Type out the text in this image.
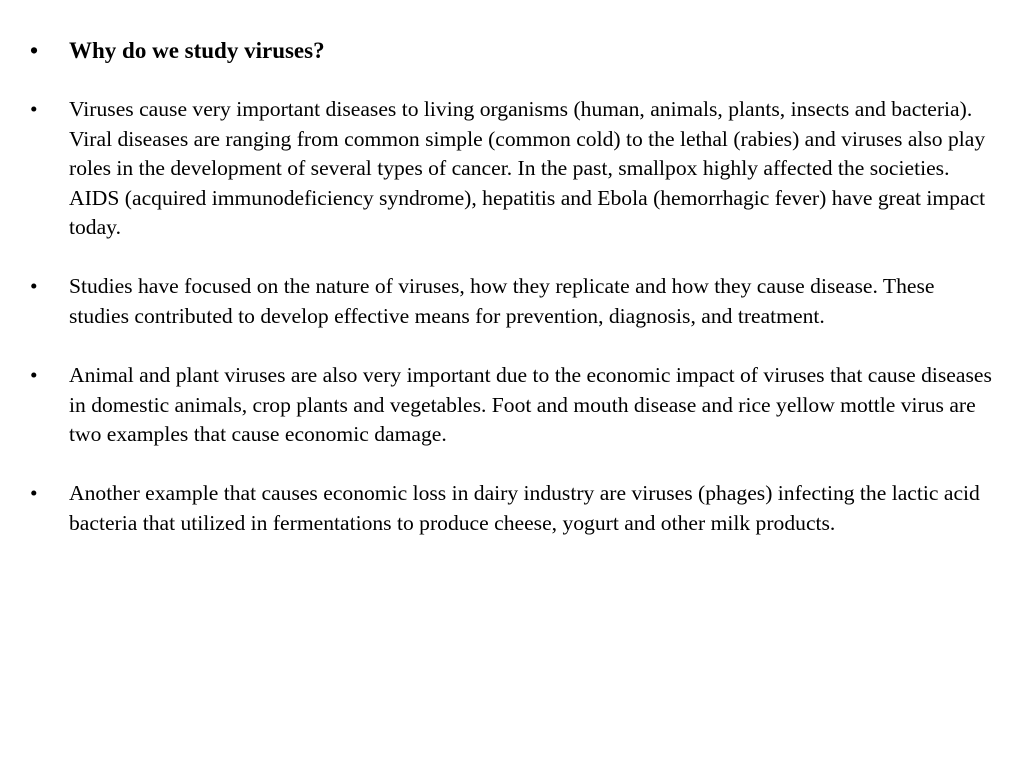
•	Why do we study viruses?
•	Viruses cause very important diseases to living organisms (human, animals, plants, insects and bacteria). Viral diseases are ranging from common simple (common cold) to the lethal (rabies) and viruses also play roles in the development of several types of cancer. In the past, smallpox highly affected the societies. AIDS (acquired immunodeficiency syndrome), hepatitis and Ebola (hemorrhagic fever) have great impact today.
•	Studies have focused on the nature of viruses, how they replicate and how they cause disease. These studies contributed to develop effective means for prevention, diagnosis, and treatment.
•	Animal and plant viruses are also very important due to the economic impact of viruses that cause diseases in domestic animals, crop plants and vegetables. Foot and mouth disease and rice yellow mottle virus are two examples that cause economic damage.
•	Another example that causes economic loss in dairy industry are viruses (phages) infecting the lactic acid bacteria that utilized in fermentations to produce cheese, yogurt and other milk products.
